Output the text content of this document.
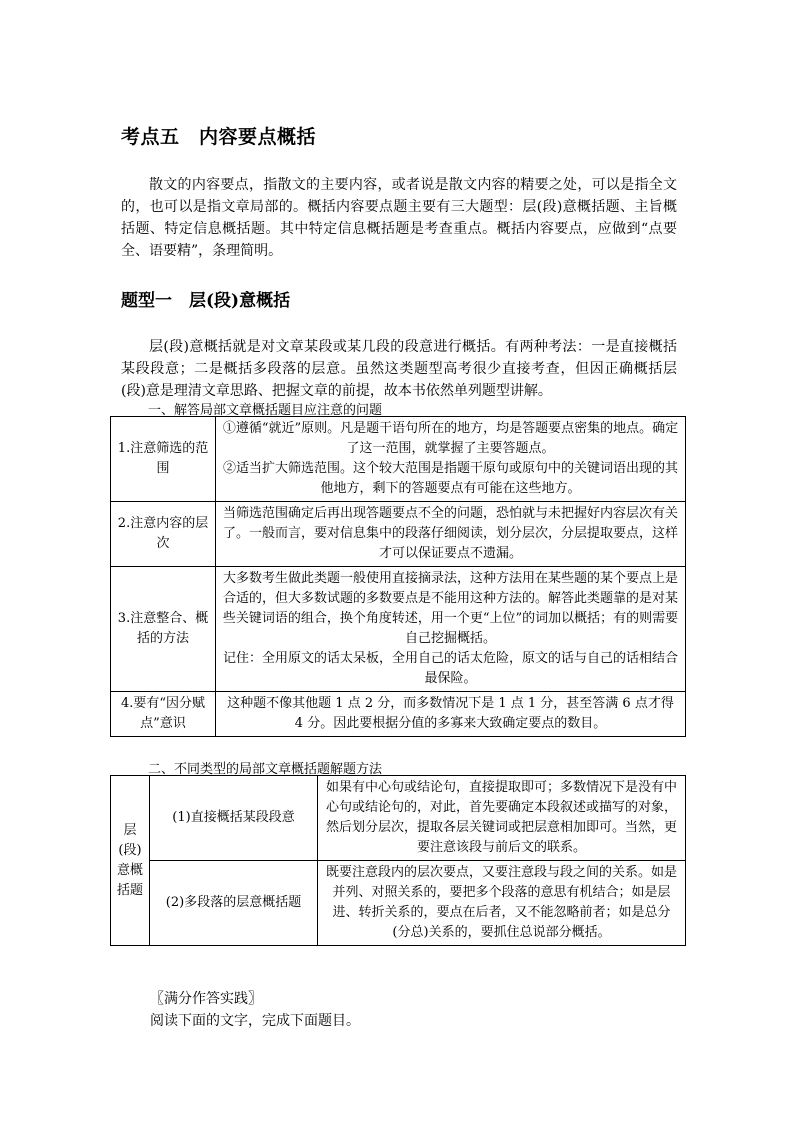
考点五　内容要点概括

散文的内容要点，指散文的主要内容，或者说是散文内容的精要之处，可以是指全文的，也可以是指文章局部的。概括内容要点题主要有三大题型：层(段)意概括题、主旨概括题、特定信息概括题。其中特定信息概括题是考查重点。概括内容要点，应做到“点要全、语要精”，条理简明。

题型一　层(段)意概括

层(段)意概括就是对文章某段或某几段的段意进行概括。有两种考法：一是直接概括某段段意；二是概括多段落的层意。虽然这类题型高考很少直接考查，但因正确概括层(段)意是理清文章思路、把握文章的前提，故本书依然单列题型讲解。

一、解答局部文章概括题目应注意的问题

1.注意筛选的范围	①遵循“就近”原则。凡是题干语句所在的地方，均是答题要点密集的地点。确定了这一范围，就掌握了主要答题点。
②适当扩大筛选范围。这个较大范围是指题干原句或原句中的关键词语出现的其他地方，剩下的答题要点有可能在这些地方。

2.注意内容的层次	当筛选范围确定后再出现答题要点不全的问题，恐怕就与未把握好内容层次有关了。一般而言，要对信息集中的段落仔细阅读，划分层次，分层提取要点，这样才可以保证要点不遗漏。

3.注意整合、概括的方法	大多数考生做此类题一般使用直接摘录法，这种方法用在某些题的某个要点上是合适的，但大多数试题的多数要点是不能用这种方法的。解答此类题靠的是对某些关键词语的组合，换个角度转述，用一个更“上位”的词加以概括；有的则需要自己挖掘概括。
记住：全用原文的话太呆板，全用自己的话太危险，原文的话与自己的话相结合最保险。

4.要有“因分赋点”意识	这种题不像其他题 1 点 2 分，而多数情况下是 1 点 1 分，甚至答满 6 点才得 4 分。因此要根据分值的多寡来大致确定要点的数目。

二、不同类型的局部文章概括题解题方法

层(段)意概括题	(1)直接概括某段段意	如果有中心句或结论句，直接提取即可；多数情况下是没有中心句或结论句的，对此，首先要确定本段叙述或描写的对象，然后划分层次，提取各层关键词或把层意相加即可。当然，更要注意该段与前后文的联系。
	(2)多段落的层意概括题	既要注意段内的层次要点，又要注意段与段之间的关系。如是并列、对照关系的，要把多个段落的意思有机结合；如是层进、转折关系的，要点在后者，又不能忽略前者；如是总分(分总)关系的，要抓住总说部分概括。

〖满分作答实践〗

阅读下面的文字，完成下面题目。
